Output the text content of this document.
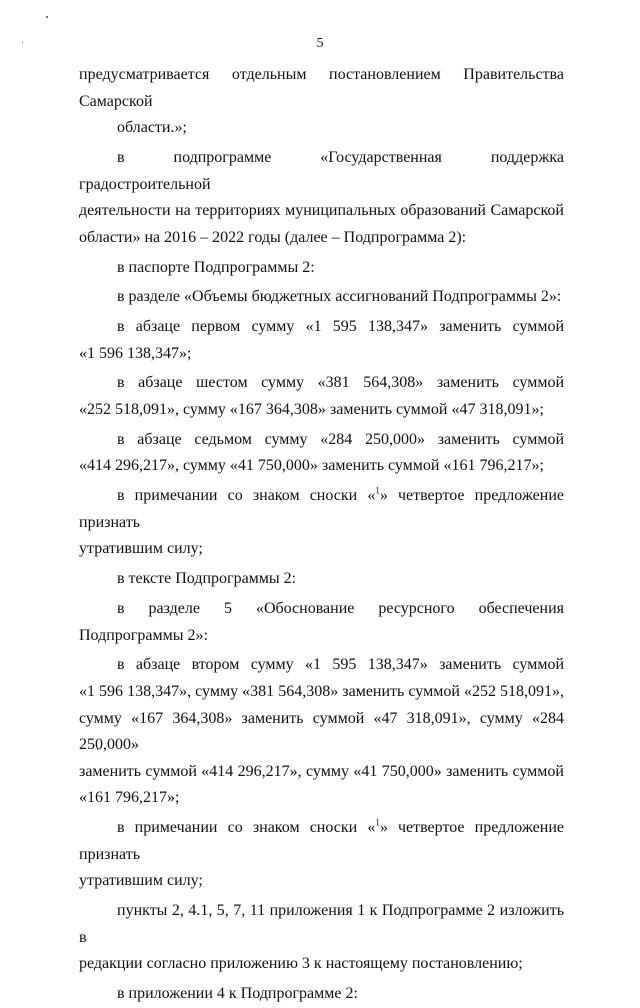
5

предусматривается отдельным постановлением Правительства Самарской
области.»;

в подпрограмме «Государственная поддержка градостроительной
деятельности на территориях муниципальных образований Самарской
области» на 2016 – 2022 годы (далее – Подпрограмма 2):

в паспорте Подпрограммы 2:

в разделе «Объемы бюджетных ассигнований Подпрограммы 2»:

в абзаце первом сумму «1 595 138,347» заменить суммой
«1 596 138,347»;

в абзаце шестом сумму «381 564,308» заменить суммой
«252 518,091», сумму «167 364,308» заменить суммой «47 318,091»;

в абзаце седьмом сумму «284 250,000» заменить суммой
«414 296,217», сумму «41 750,000» заменить суммой «161 796,217»;

в примечании со знаком сноски «$^1$» четвертое предложение признать
утратившим силу;

в тексте Подпрограммы 2:

в разделе 5 «Обоснование ресурсного обеспечения
Подпрограммы 2»:

в абзаце втором сумму «1 595 138,347» заменить суммой
«1 596 138,347», сумму «381 564,308» заменить суммой «252 518,091»,
сумму «167 364,308» заменить суммой «47 318,091», сумму «284 250,000»
заменить суммой «414 296,217», сумму «41 750,000» заменить суммой
«161 796,217»;

в примечании со знаком сноски «$^1$» четвертое предложение признать
утратившим силу;

пункты 2, 4.1, 5, 7, 11 приложения 1 к Подпрограмме 2 изложить в
редакции согласно приложению 3 к настоящему постановлению;

в приложении 4 к Подпрограмме 2:
